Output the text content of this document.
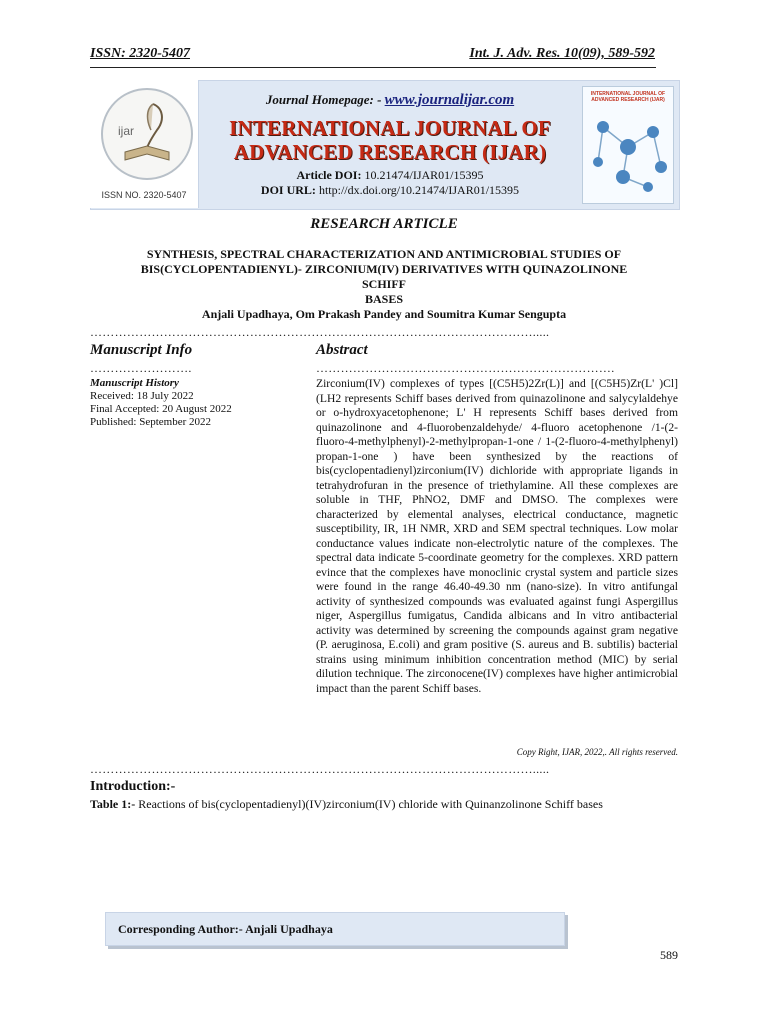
ISSN: 2320-5407	Int. J. Adv. Res. 10(09), 589-592
ijar
ISSN NO. 2320-5407
Journal Homepage: - www.journalijar.com
INTERNATIONAL JOURNAL OF
ADVANCED RESEARCH (IJAR)
Article DOI: 10.21474/IJAR01/15395
DOI URL: http://dx.doi.org/10.21474/IJAR01/15395
INTERNATIONAL JOURNAL OF ADVANCED RESEARCH (IJAR)
RESEARCH ARTICLE
SYNTHESIS, SPECTRAL CHARACTERIZATION AND ANTIMICROBIAL STUDIES OF
BIS(CYCLOPENTADIENYL)- ZIRCONIUM(IV) DERIVATIVES WITH QUINAZOLINONE SCHIFF
BASES
Anjali Upadhaya, Om Prakash Pandey and Soumitra Kumar Sengupta
……………………………………………………………………………………………….....
Manuscript Info	Abstract
…………………….	……………………………………………………………….
Manuscript History
Received: 18 July 2022
Final Accepted: 20 August 2022
Published: September 2022
Zirconium(IV) complexes of types [(C5H5)2Zr(L)] and [(C5H5)Zr(L' )Cl] (LH2 represents Schiff bases derived from quinazolinone and salycylaldehye or o-hydroxyacetophenone; L' H represents Schiff bases derived from quinazolinone and 4-fluorobenzaldehyde/ 4-fluoro acetophenone /1-(2-fluoro-4-methylphenyl)-2-methylpropan-1-one / 1-(2-fluoro-4-methylphenyl) propan-1-one ) have been synthesized by the reactions of bis(cyclopentadienyl)zirconium(IV) dichloride with appropriate ligands in tetrahydrofuran in the presence of triethylamine. All these complexes are soluble in THF, PhNO2, DMF and DMSO. The complexes were characterized by elemental analyses, electrical conductance, magnetic susceptibility, IR, 1H NMR, XRD and SEM spectral techniques. Low molar conductance values indicate non-electrolytic nature of the complexes. The spectral data indicate 5-coordinate geometry for the complexes. XRD pattern evince that the complexes have monoclinic crystal system and particle sizes were found in the range 46.40-49.30 nm (nano-size). In vitro antifungal activity of synthesized compounds was evaluated against fungi Aspergillus niger, Aspergillus fumigatus, Candida albicans and In vitro antibacterial activity was determined by screening the compounds against gram negative (P. aeruginosa, E.coli) and gram positive (S. aureus and B. subtilis) bacterial strains using minimum inhibition concentration method (MIC) by serial dilution technique. The zirconocene(IV) complexes have higher antimicrobial impact than the parent Schiff bases.
Copy Right, IJAR, 2022,. All rights reserved.
……………………………………………………………………………………………….....
Introduction:-
Table 1:- Reactions of bis(cyclopentadienyl)(IV)zirconium(IV) chloride with Quinanzolinone Schiff bases
Corresponding Author:- Anjali Upadhaya
589
